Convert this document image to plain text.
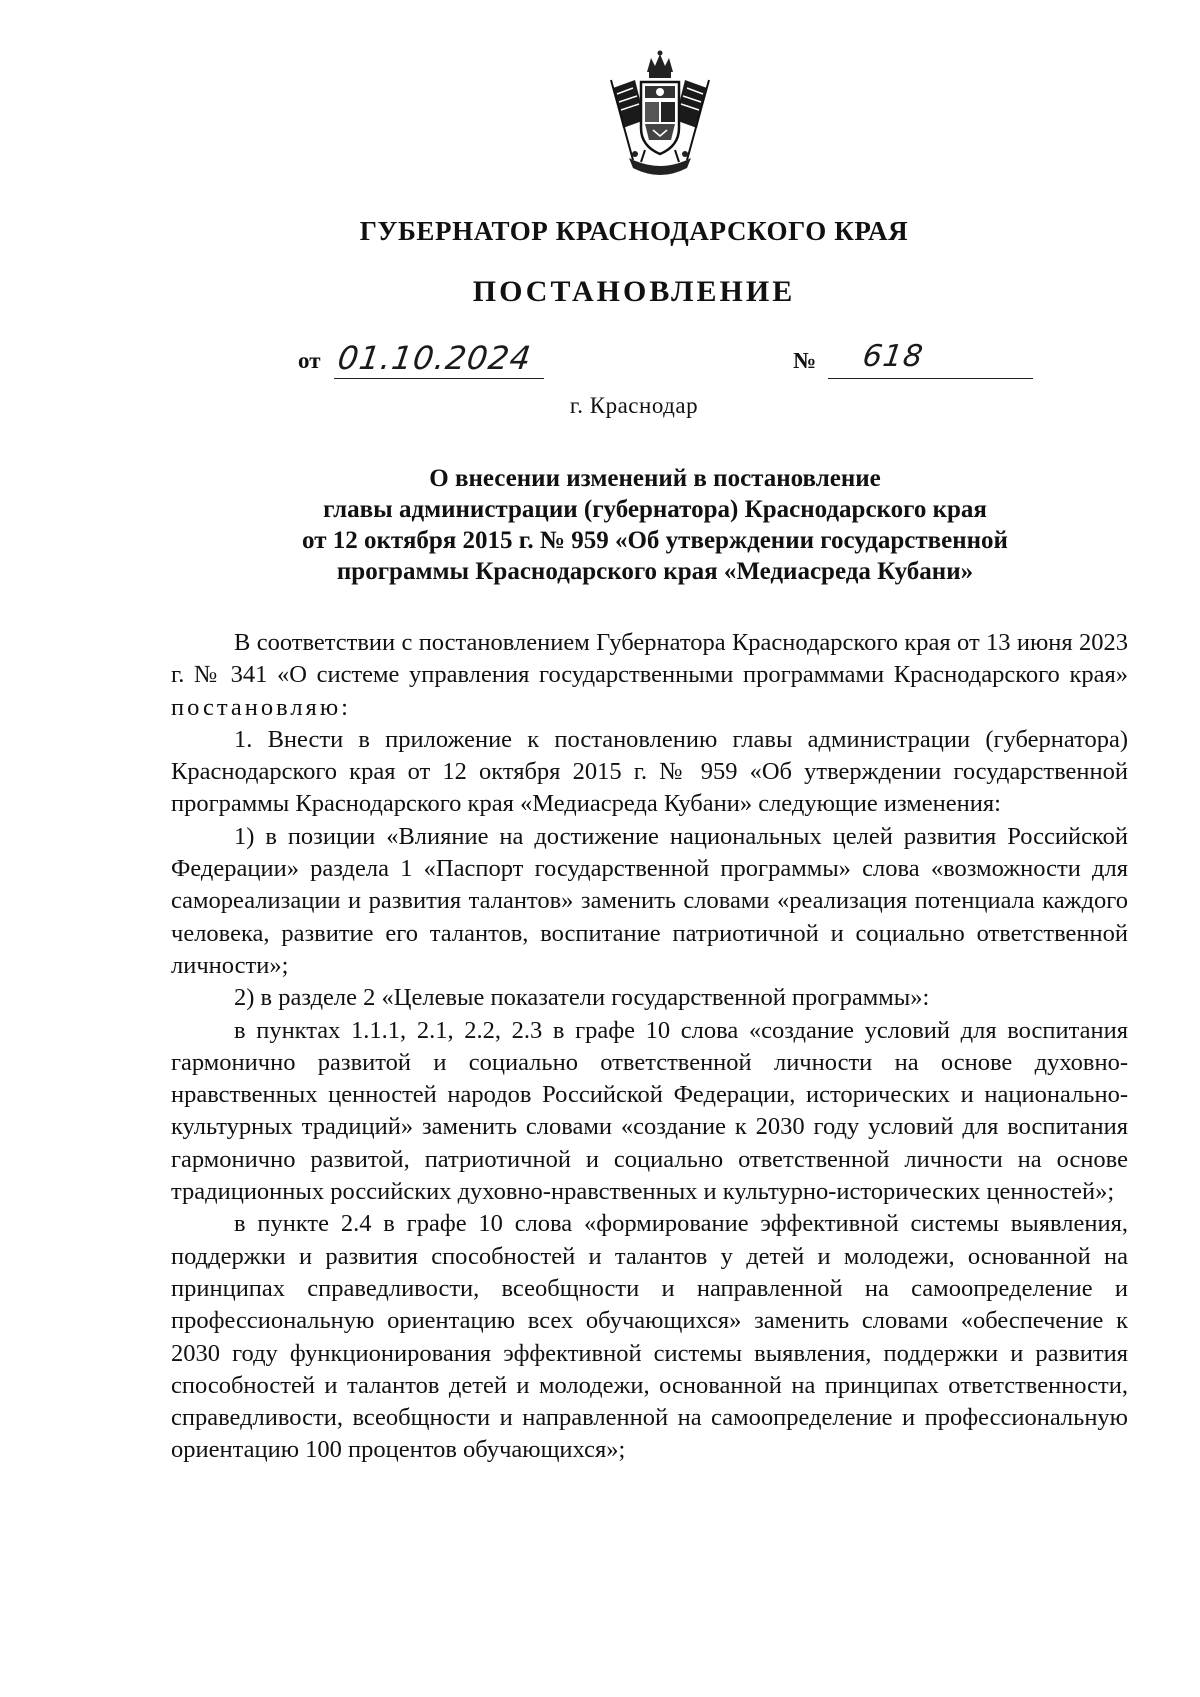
ГУБЕРНАТОР КРАСНОДАРСКОГО КРАЯ
ПОСТАНОВЛЕНИЕ
от 01.10.2024	№ 618
г. Краснодар
О внесении изменений в постановление
главы администрации (губернатора) Краснодарского края
от 12 октября 2015 г. № 959 «Об утверждении государственной
программы Краснодарского края «Медиасреда Кубани»

В соответствии с постановлением Губернатора Краснодарского края от 13 июня 2023 г. № 341 «О системе управления государственными программами Краснодарского края» постановляю:

1. Внести в приложение к постановлению главы администрации (губернатора) Краснодарского края от 12 октября 2015 г. № 959 «Об утверждении государственной программы Краснодарского края «Медиасреда Кубани» следующие изменения:

1) в позиции «Влияние на достижение национальных целей развития Российской Федерации» раздела 1 «Паспорт государственной программы» слова «возможности для самореализации и развития талантов» заменить словами «реализация потенциала каждого человека, развитие его талантов, воспитание патриотичной и социально ответственной личности»;

2) в разделе 2 «Целевые показатели государственной программы»:

в пунктах 1.1.1, 2.1, 2.2, 2.3 в графе 10 слова «создание условий для воспитания гармонично развитой и социально ответственной личности на основе духовно-нравственных ценностей народов Российской Федерации, исторических и национально-культурных традиций» заменить словами «создание к 2030 году условий для воспитания гармонично развитой, патриотичной и социально ответственной личности на основе традиционных российских духовно-нравственных и культурно-исторических ценностей»;

в пункте 2.4 в графе 10 слова «формирование эффективной системы выявления, поддержки и развития способностей и талантов у детей и молодежи, основанной на принципах справедливости, всеобщности и направленной на самоопределение и профессиональную ориентацию всех обучающихся» заменить словами «обеспечение к 2030 году функционирования эффективной системы выявления, поддержки и развития способностей и талантов детей и молодежи, основанной на принципах ответственности, справедливости, всеобщности и направленной на самоопределение и профессиональную ориентацию 100 процентов обучающихся»;
